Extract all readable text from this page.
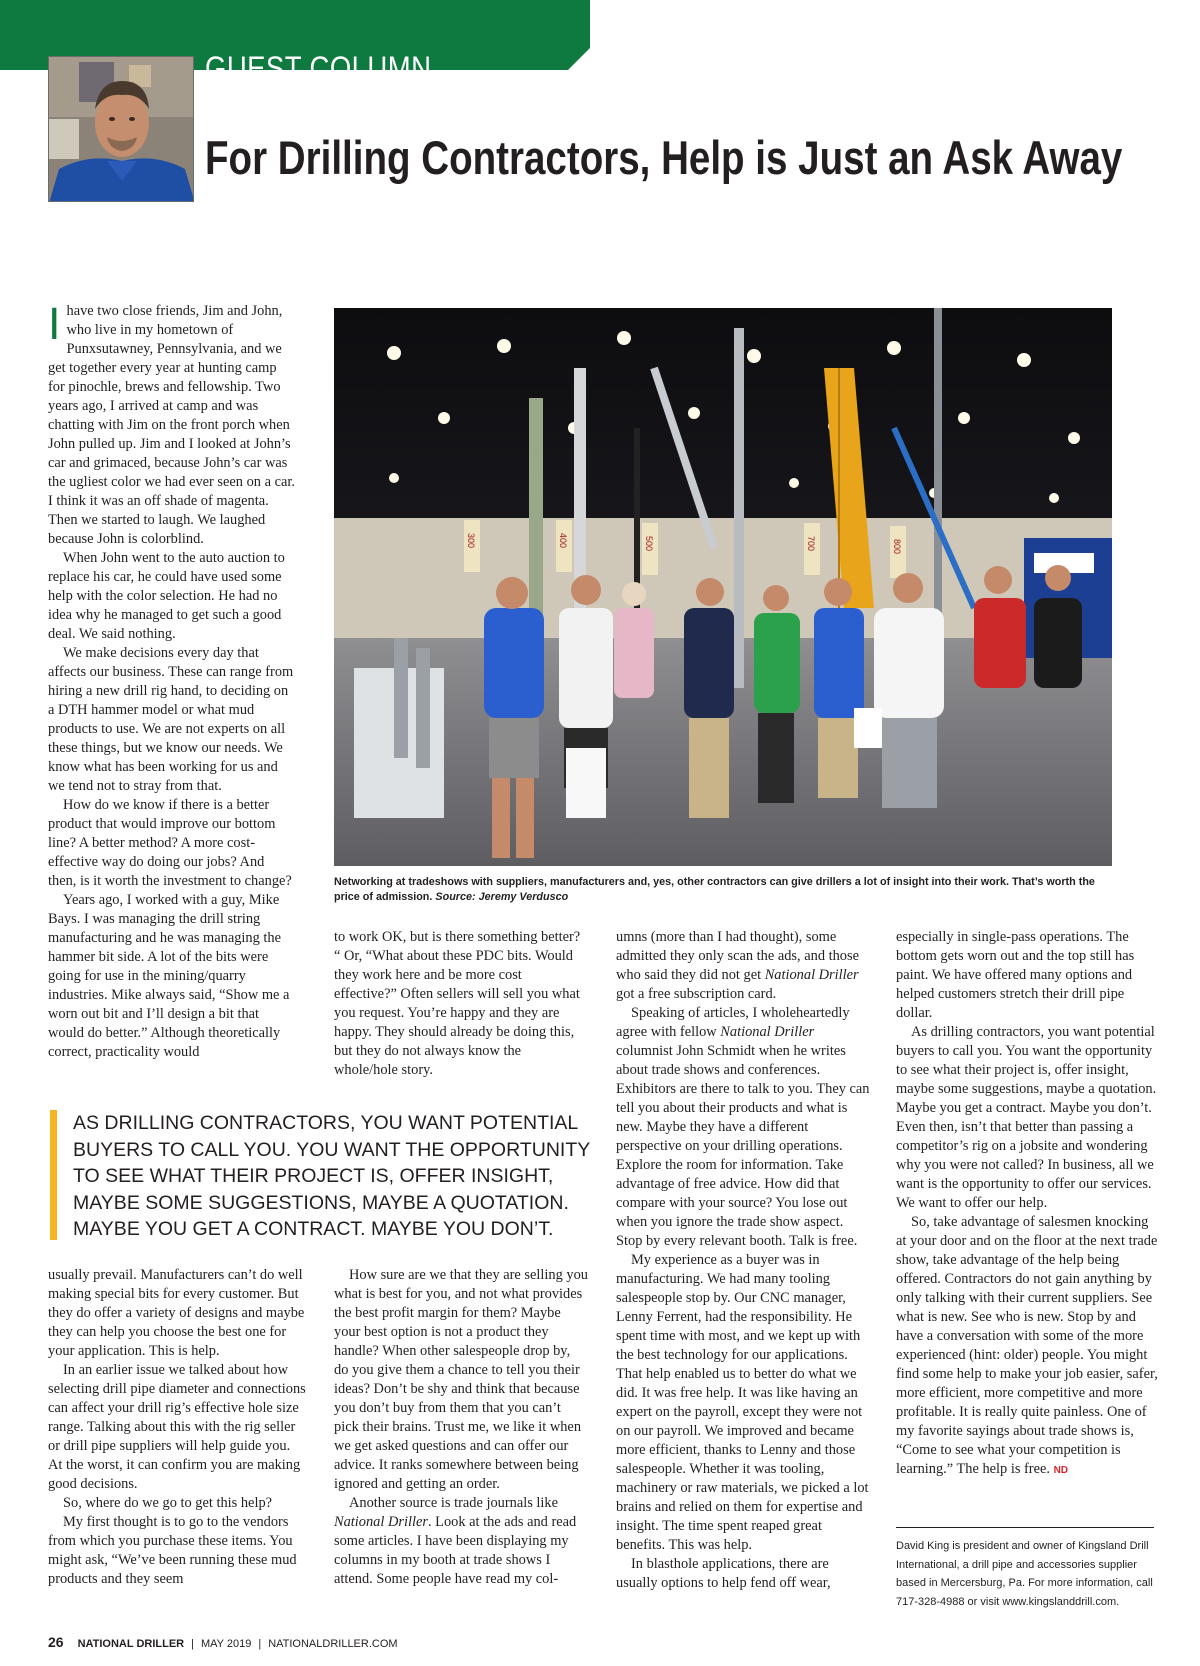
GUEST COLUMN	David King
For Drilling Contractors, Help is Just an Ask Away

Ihave two close friends, Jim and John, who live in my hometown of Punxsutawney, Pennsylvania, and we get together every year at hunting camp for pinochle, brews and fellowship. Two years ago, I arrived at camp and was chatting with Jim on the front porch when John pulled up. Jim and I looked at John’s car and grimaced, because John’s car was the ugliest color we had ever seen on a car. I think it was an off shade of magenta. Then we started to laugh. We laughed because John is colorblind.

When John went to the auto auction to replace his car, he could have used some help with the color selection. He had no idea why he managed to get such a good deal. We said nothing.

We make decisions every day that affects our business. These can range from hiring a new drill rig hand, to deciding on a DTH hammer model or what mud products to use. We are not experts on all these things, but we know our needs. We know what has been working for us and we tend not to stray from that.

How do we know if there is a better product that would improve our bottom line? A better method? A more cost-effective way do doing our jobs? And then, is it worth the investment to change?

Years ago, I worked with a guy, Mike Bays. I was managing the drill string manufacturing and he was managing the hammer bit side. A lot of the bits were going for use in the mining/quarry industries. Mike always said, “Show me a worn out bit and I’ll design a bit that would do better.” Although theoretically correct, practicality would

300	400	500	700	800

Networking at tradeshows with suppliers, manufacturers and, yes, other contractors can give drillers a lot of insight into their work. That’s worth the price of admission. Source: Jeremy Verdusco

to work OK, but is there something better? “ Or, “What about these PDC bits. Would they work here and be more cost effective?” Often sellers will sell you what you request. You’re happy and they are happy. They should already be doing this, but they do not always know the whole/hole story.

AS DRILLING CONTRACTORS, YOU WANT POTENTIAL BUYERS TO CALL YOU. YOU WANT THE OPPORTUNITY TO SEE WHAT THEIR PROJECT IS, OFFER INSIGHT, MAYBE SOME SUGGESTIONS, MAYBE A QUOTATION. MAYBE YOU GET A CONTRACT. MAYBE YOU DON’T.

usually prevail. Manufacturers can’t do well making special bits for every customer. But they do offer a variety of designs and maybe they can help you choose the best one for your application. This is help.

In an earlier issue we talked about how selecting drill pipe diameter and connections can affect your drill rig’s effective hole size range. Talking about this with the rig seller or drill pipe suppliers will help guide you. At the worst, it can confirm you are making good decisions.

So, where do we go to get this help?

My first thought is to go to the vendors from which you purchase these items. You might ask, “We’ve been running these mud products and they seem

How sure are we that they are selling you what is best for you, and not what provides the best profit margin for them? Maybe your best option is not a product they handle? When other salespeople drop by, do you give them a chance to tell you their ideas? Don’t be shy and think that because you don’t buy from them that you can’t pick their brains. Trust me, we like it when we get asked questions and can offer our advice. It ranks somewhere between being ignored and getting an order.

Another source is trade journals like National Driller. Look at the ads and read some articles. I have been displaying my columns in my booth at trade shows I attend. Some people have read my col-

umns (more than I had thought), some admitted they only scan the ads, and those who said they did not get National Driller got a free subscription card.

Speaking of articles, I wholeheartedly agree with fellow National Driller columnist John Schmidt when he writes about trade shows and conferences. Exhibitors are there to talk to you. They can tell you about their products and what is new. Maybe they have a different perspective on your drilling operations. Explore the room for information. Take advantage of free advice. How did that compare with your source? You lose out when you ignore the trade show aspect. Stop by every relevant booth. Talk is free.

My experience as a buyer was in manufacturing. We had many tooling salespeople stop by. Our CNC manager, Lenny Ferrent, had the responsibility. He spent time with most, and we kept up with the best technology for our applications. That help enabled us to better do what we did. It was free help. It was like having an expert on the payroll, except they were not on our payroll. We improved and became more efficient, thanks to Lenny and those salespeople. Whether it was tooling, machinery or raw materials, we picked a lot brains and relied on them for expertise and insight. The time spent reaped great benefits. This was help.

In blasthole applications, there are usually options to help fend off wear,

especially in single-pass operations. The bottom gets worn out and the top still has paint. We have offered many options and helped customers stretch their drill pipe dollar.

As drilling contractors, you want potential buyers to call you. You want the opportunity to see what their project is, offer insight, maybe some suggestions, maybe a quotation. Maybe you get a contract. Maybe you don’t. Even then, isn’t that better than passing a competitor’s rig on a jobsite and wondering why you were not called? In business, all we want is the opportunity to offer our services. We want to offer our help.

So, take advantage of salesmen knocking at your door and on the floor at the next trade show, take advantage of the help being offered. Contractors do not gain anything by only talking with their current suppliers. See what is new. See who is new. Stop by and have a conversation with some of the more experienced (hint: older) people. You might find some help to make your job easier, safer, more efficient, more competitive and more profitable. It is really quite painless. One of my favorite sayings about trade shows is, “Come to see what your competition is learning.” The help is free. ND

David King is president and owner of Kingsland Drill International, a drill pipe and accessories supplier based in Mercersburg, Pa. For more information, call 717-328-4988 or visit www.kingslanddrill.com.

26 NATIONAL DRILLER | MAY 2019 | NATIONALDRILLER.COM
